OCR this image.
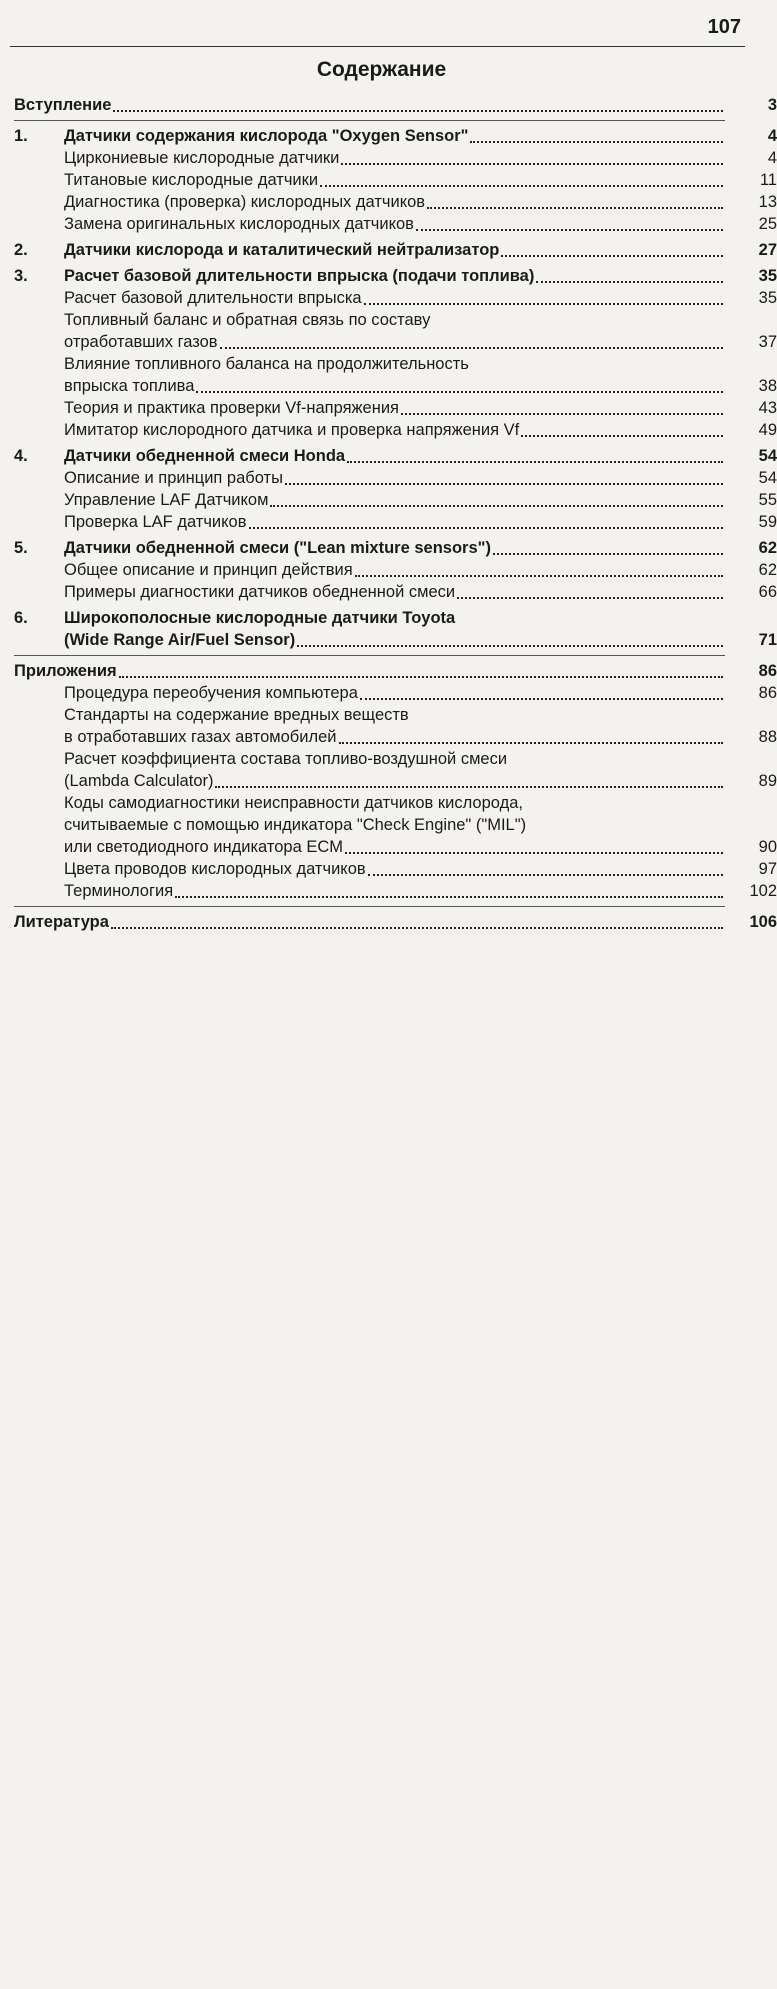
107
Содержание
Вступление	3
1.	Датчики содержания кислорода "Oxygen Sensor"	4
Циркониевые кислородные датчики	4
Титановые кислородные датчики	11
Диагностика (проверка) кислородных датчиков	13
Замена оригинальных кислородных датчиков	25
2.	Датчики кислорода и каталитический нейтрализатор	27
3.	Расчет базовой длительности впрыска (подачи топлива)	35
Расчет базовой длительности впрыска	35
Топливный баланс и обратная связь по составу
отработавших газов	37
Влияние топливного баланса на продолжительность
впрыска топлива	38
Теория и практика проверки Vf-напряжения	43
Имитатор кислородного датчика и проверка напряжения Vf	49
4.	Датчики обедненной смеси Honda	54
Описание и принцип работы	54
Управление LAF Датчиком	55
Проверка LAF датчиков	59
5.	Датчики обедненной смеси ("Lean mixture sensors")	62
Общее описание и принцип действия	62
Примеры диагностики датчиков обедненной смеси	66
6.	Широкополосные кислородные датчики Toyota
(Wide Range Air/Fuel Sensor)	71
Приложения	86
Процедура переобучения компьютера	86
Стандарты на содержание вредных веществ
в отработавших газах автомобилей	88
Расчет коэффициента состава топливо-воздушной смеси
(Lambda Calculator)	89
Коды самодиагностики неисправности датчиков кислорода,
считываемые с помощью индикатора "Check Engine" ("MIL")
или светодиодного индикатора ECM	90
Цвета проводов кислородных датчиков	97
Терминология	102
Литература	106
